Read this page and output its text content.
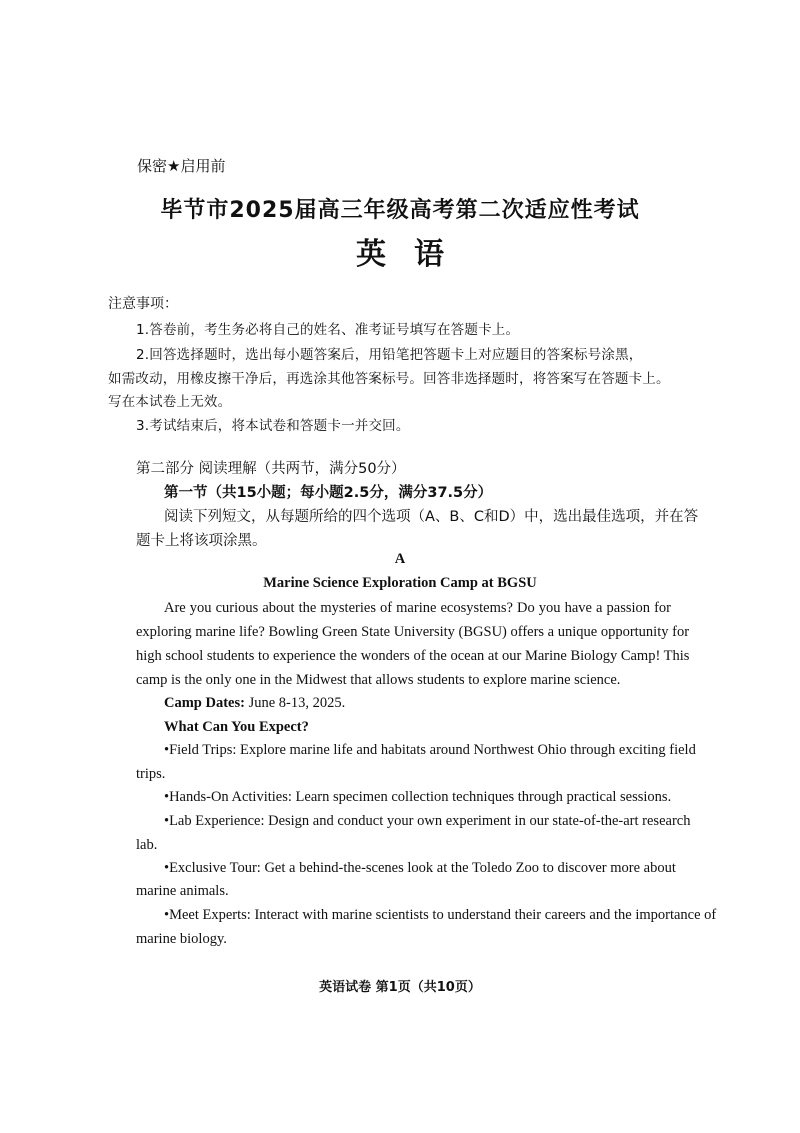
保密★启用前
毕节市2025届高三年级高考第二次适应性考试
英语
注意事项：
1.答卷前，考生务必将自己的姓名、准考证号填写在答题卡上。
2.回答选择题时，选出每小题答案后，用铅笔把答题卡上对应题目的答案标号涂黑，
如需改动，用橡皮擦干净后，再选涂其他答案标号。回答非选择题时，将答案写在答题卡上。
写在本试卷上无效。
3.考试结束后，将本试卷和答题卡一并交回。
第二部分 阅读理解（共两节，满分50分）
第一节（共15小题；每小题2.5分，满分37.5分）
阅读下列短文，从每题所给的四个选项（A、B、C和D）中，选出最佳选项，并在答
题卡上将该项涂黑。
A
Marine Science Exploration Camp at BGSU
Are you curious about the mysteries of marine ecosystems? Do you have a passion for
exploring marine life? Bowling Green State University (BGSU) offers a unique opportunity for
high school students to experience the wonders of the ocean at our Marine Biology Camp! This
camp is the only one in the Midwest that allows students to explore marine science.
Camp Dates: June 8-13, 2025.
What Can You Expect?
•Field Trips: Explore marine life and habitats around Northwest Ohio through exciting field
trips.
•Hands-On Activities: Learn specimen collection techniques through practical sessions.
•Lab Experience: Design and conduct your own experiment in our state-of-the-art research
lab.
•Exclusive Tour: Get a behind-the-scenes look at the Toledo Zoo to discover more about
marine animals.
•Meet Experts: Interact with marine scientists to understand their careers and the importance of
marine biology.
英语试卷 第1页（共10页）
